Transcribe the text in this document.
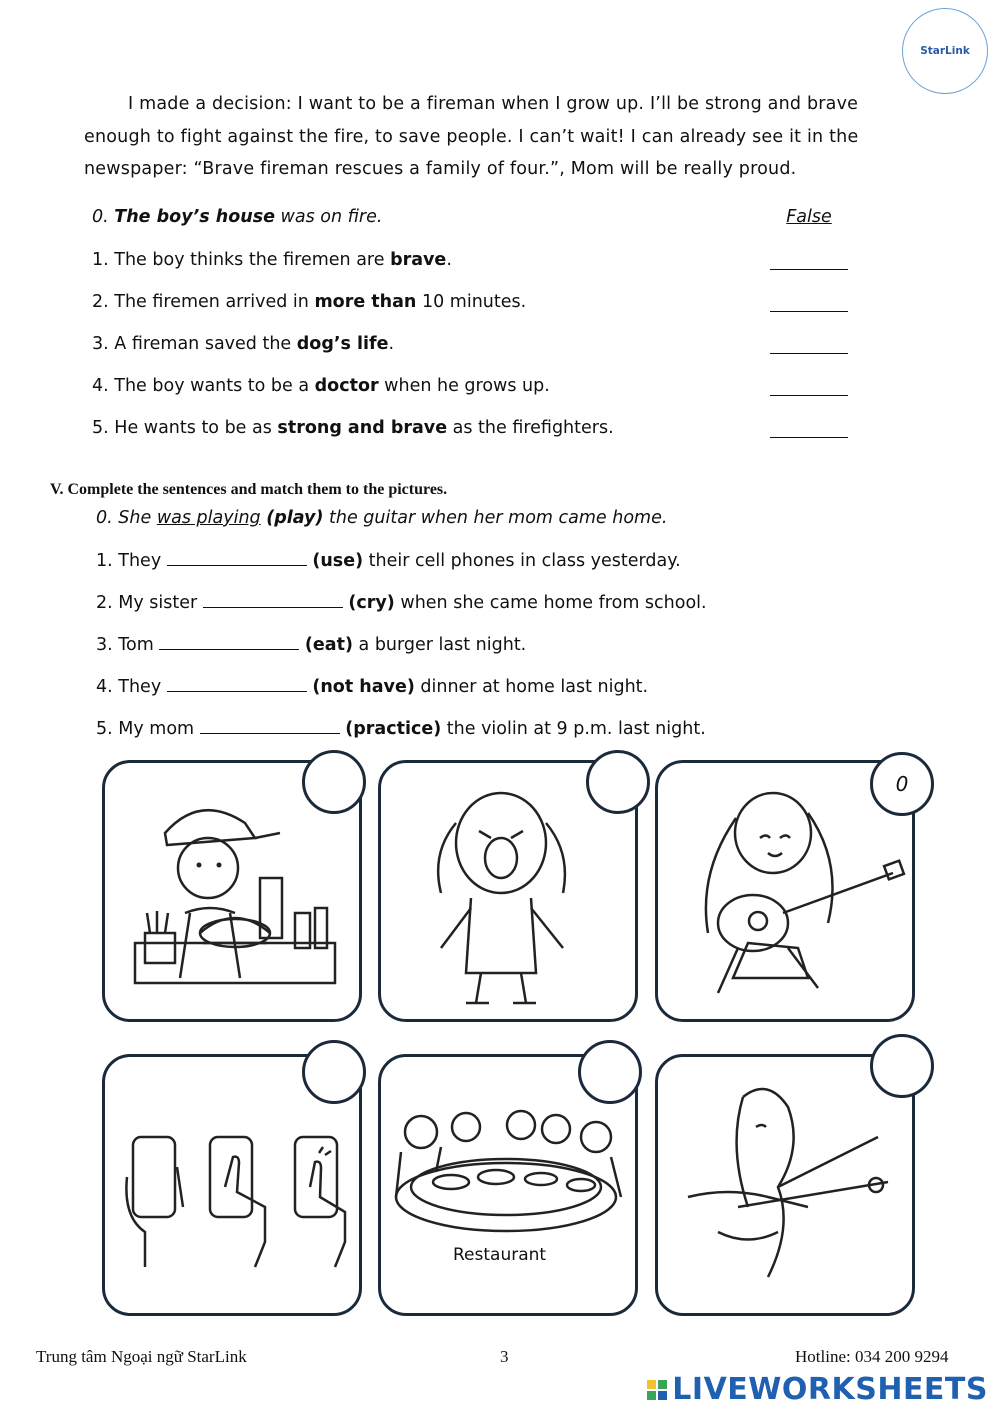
StarLink
I made a decision: I want to be a fireman when I grow up. I’ll be strong and brave
enough to fight against the fire, to save people. I can’t wait! I can already see it in the
newspaper: “Brave fireman rescues a family of four.”, Mom will be really proud.
0. The boy’s house was on fire.	False
1. The boy thinks the firemen are brave.
2. The firemen arrived in more than 10 minutes.
3. A fireman saved the dog’s life.
4. The boy wants to be a doctor when he grows up.
5. He wants to be as strong and brave as the firefighters.
V. Complete the sentences and match them to the pictures.
0. She was playing (play) the guitar when her mom came home.
1. They	(use) their cell phones in class yesterday.
2. My sister	(cry) when she came home from school.
3. Tom	(eat) a burger last night.
4. They	(not have) dinner at home last night.
5. My mom	(practice) the violin at 9 p.m. last night.
0
Restaurant
Trung tâm Ngoại ngữ StarLink	3	Hotline: 034 200 9294
LIVEWORKSHEETS
